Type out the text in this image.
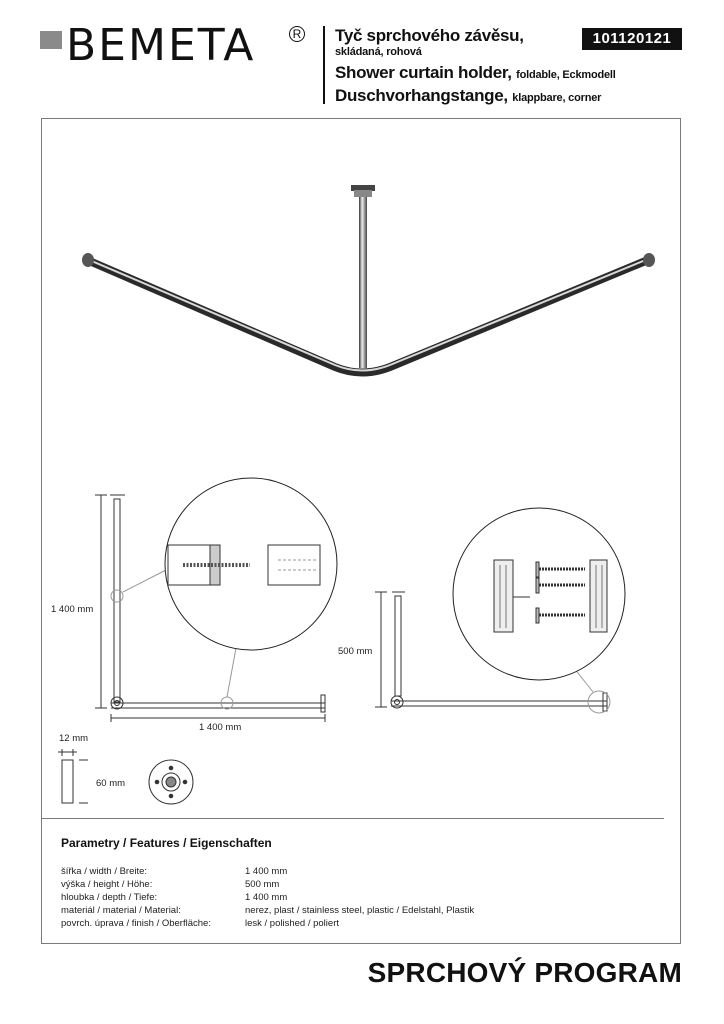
BEMETA	R Tyč sprchového závěsu,
skládaná, rohová
Shower curtain holder, foldable, Eckmodell
Duschvorhangstange, klappbare, corner
101120121
1 400 mm
1 400 mm
500 mm
12 mm
60 mm
Parametry / Features / Eigenschaften
šířka / width / Breite:	1 400 mm
výška / height / Höhe:	500 mm
hloubka / depth / Tiefe:	1 400 mm
materiál / material / Material:	nerez, plast / stainless steel, plastic / Edelstahl, Plastik
povrch. úprava / finish / Oberfläche:	lesk / polished / poliert
SPRCHOVÝ PROGRAM
